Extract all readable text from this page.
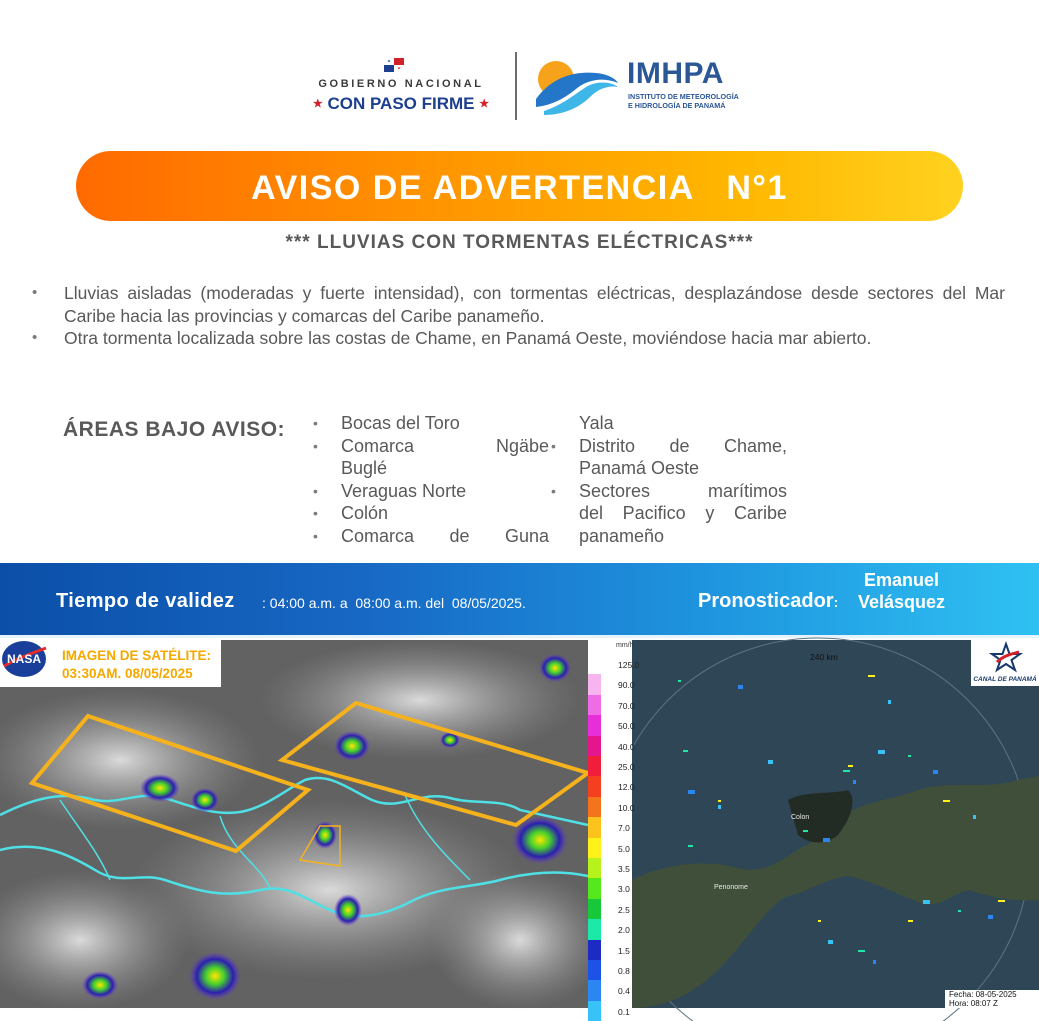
GOBIERNO NACIONAL
★ CON PASO FIRME ★
IMHPA
INSTITUTO DE METEOROLOGÍA
E HIDROLOGÍA DE PANAMÁ
AVISO DE ADVERTENCIA   N°1
*** LLUVIAS CON TORMENTAS ELÉCTRICAS***
• Lluvias aisladas (moderadas y fuerte intensidad), con tormentas eléctricas, desplazándose desde sectores del Mar Caribe hacia las provincias y comarcas del Caribe panameño.
• Otra tormenta localizada sobre las costas de Chame, en Panamá Oeste, moviéndose hacia mar abierto.
ÁREAS BAJO AVISO:
•	Bocas del Toro
• Comarca	Ngäbe
Buglé
• Veraguas Norte
• Colón
• Comarca de Guna
Yala
• Distrito de Chame,
Panamá Oeste
• Sectores	marítimos
del Pacifico y Caribe
panameño
Tiempo de validez : 04:00 a.m. a  08:00 a.m. del  08/05/2025.	Pronosticador:
Emanuel
Velásquez
NASA IMAGEN DE SATÉLITE:
03:30AM. 08/05/2025
mm/h
125.0
90.0
70.0
50.0
40.0
25.0
12.0
10.0
7.0
5.0
3.5
3.0
2.5
2.0
1.5
0.8
0.4
0.1
240 km
Colon
Penonome
CANAL DE PANAMÁ
Fecha: 08-05-2025
Hora: 08:07 Z
